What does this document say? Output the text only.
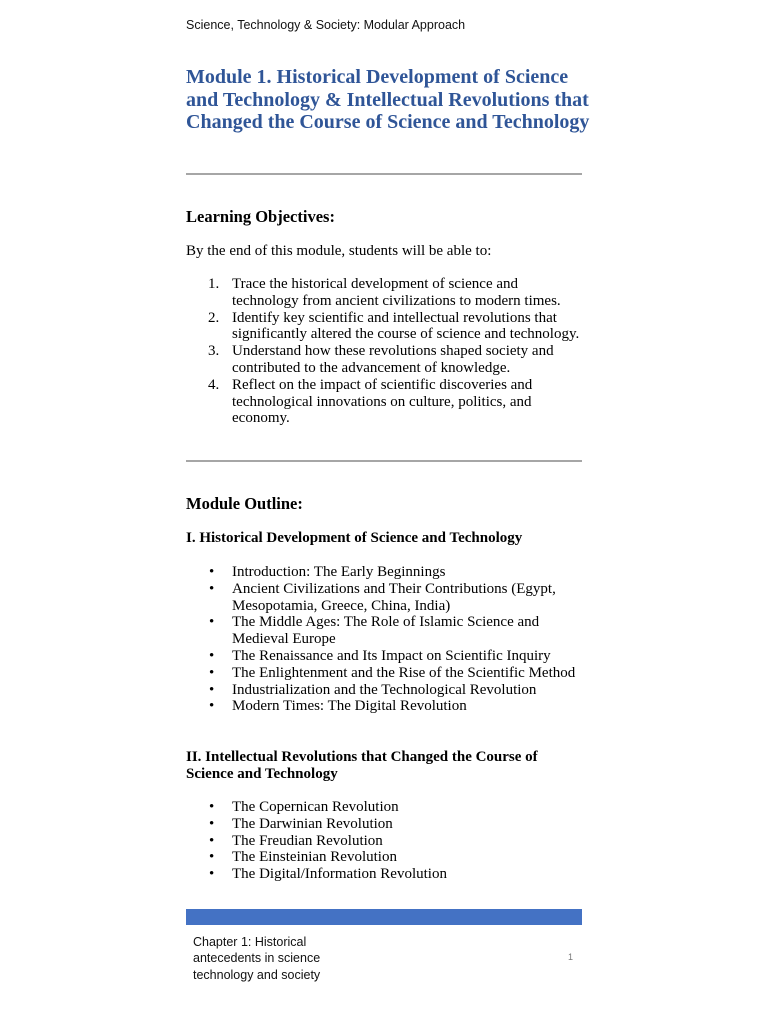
Science, Technology & Society: Modular Approach
Module 1. Historical Development of Science and Technology & Intellectual Revolutions that Changed the Course of Science and Technology
Learning Objectives:

By the end of this module, students will be able to:

1. Trace the historical development of science and technology from ancient civilizations to modern times.
2. Identify key scientific and intellectual revolutions that significantly altered the course of science and technology.
3. Understand how these revolutions shaped society and contributed to the advancement of knowledge.
4. Reflect on the impact of scientific discoveries and technological innovations on culture, politics, and economy.
Module Outline:
I. Historical Development of Science and Technology
• Introduction: The Early Beginnings
• Ancient Civilizations and Their Contributions (Egypt, Mesopotamia, Greece, China, India)
• The Middle Ages: The Role of Islamic Science and Medieval Europe
• The Renaissance and Its Impact on Scientific Inquiry
• The Enlightenment and the Rise of the Scientific Method
• Industrialization and the Technological Revolution
• Modern Times: The Digital Revolution
II. Intellectual Revolutions that Changed the Course of Science and Technology
• The Copernican Revolution
• The Darwinian Revolution
• The Freudian Revolution
• The Einsteinian Revolution
• The Digital/Information Revolution
Chapter 1: Historical antecedents in science technology and society
1
